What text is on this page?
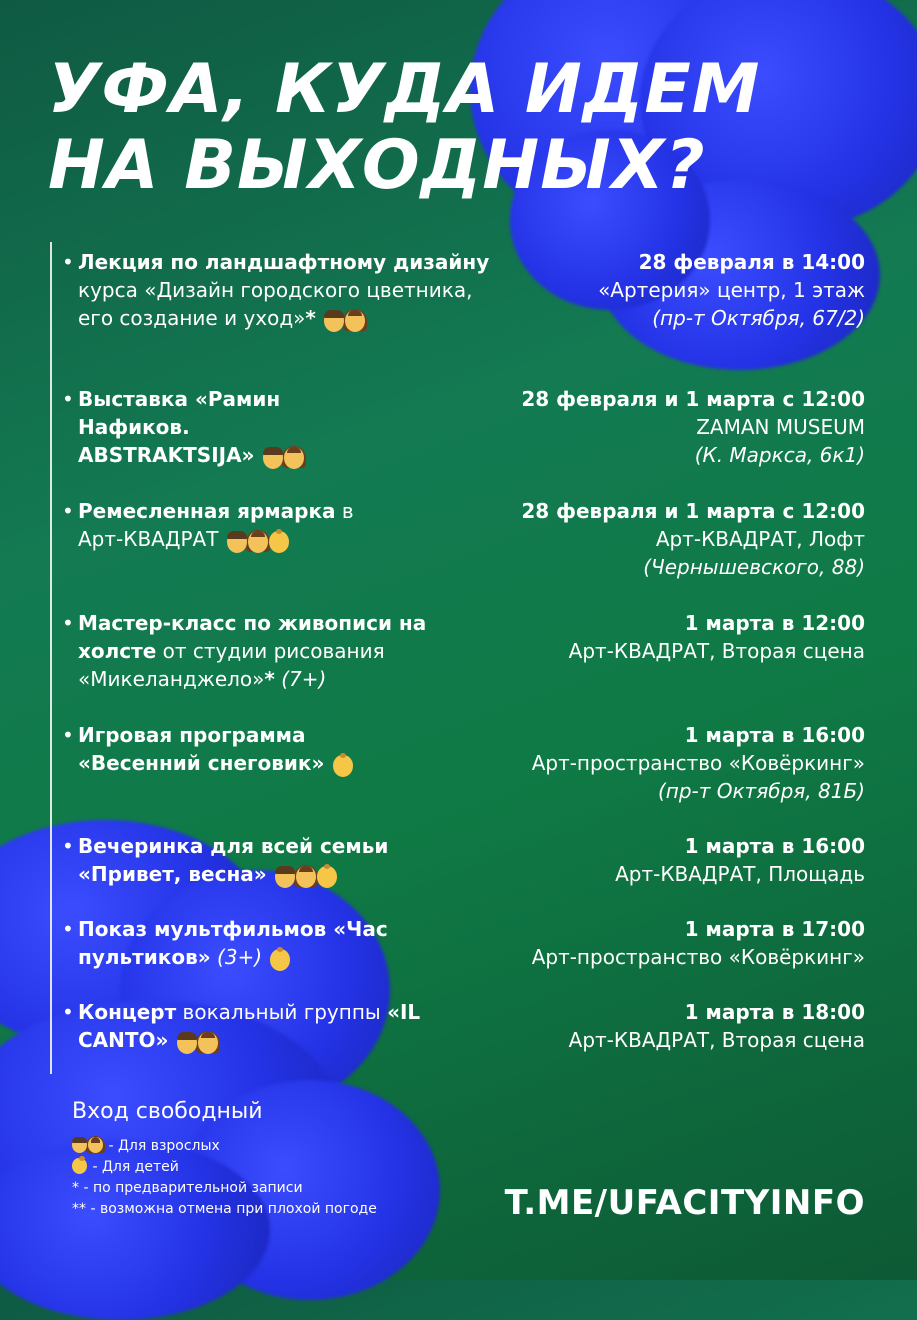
УФА, КУДА ИДЕМ
НА ВЫХОДНЫХ?
• Лекция по ландшафтному дизайну курса «Дизайн городского цветника, его создание и уход»*
28 февраля в 14:00
«Артерия» центр, 1 этаж
(пр-т Октября, 67/2)
• Выставка «Рамин Нафиков. ABSTRAKTSIJA»
28 февраля и 1 марта с 12:00
ZAMAN MUSEUM
(К. Маркса, 6к1)
• Ремесленная ярмарка в Арт-КВАДРАТ
28 февраля и 1 марта с 12:00
Арт-КВАДРАТ, Лофт
(Чернышевского, 88)
• Мастер-класс по живописи на холсте от студии рисования «Микеланджело»* (7+)
1 марта в 12:00
Арт-КВАДРАТ, Вторая сцена
• Игровая программа «Весенний снеговик»
1 марта в 16:00
Арт-пространство «Ковёркинг»
(пр-т Октября, 81Б)
• Вечеринка для всей семьи «Привет, весна»
1 марта в 16:00
Арт-КВАДРАТ, Площадь
• Показ мультфильмов «Час пультиков» (3+)
1 марта в 17:00
Арт-пространство «Ковёркинг»
• Концерт вокальный группы «IL CANTO»
1 марта в 18:00
Арт-КВАДРАТ, Вторая сцена
Вход свободный
- Для взрослых
- Для детей
* - по предварительной записи
** - возможна отмена при плохой погоде	T.ME/UFACITYINFO
